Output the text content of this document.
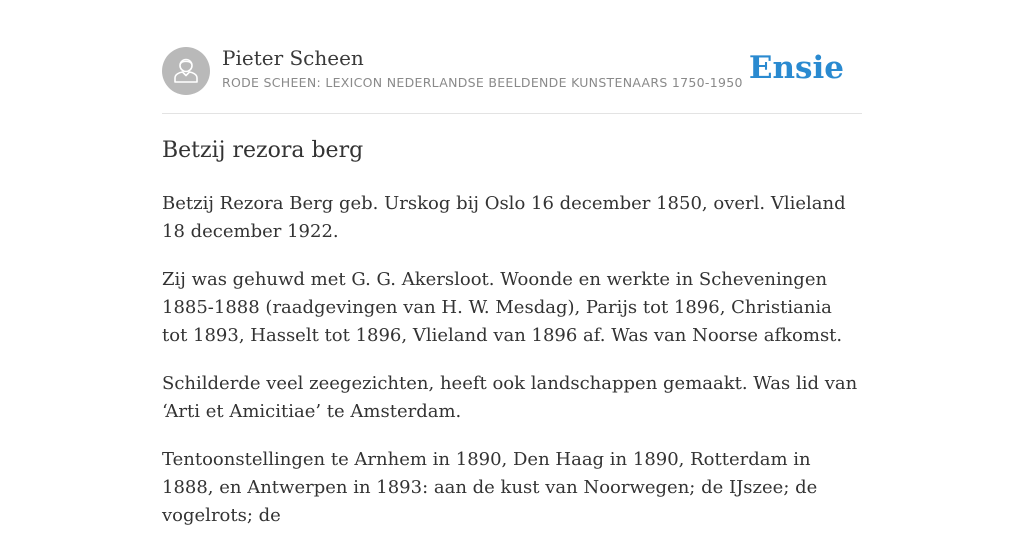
Pieter Scheen
RODE SCHEEN: LEXICON NEDERLANDSE BEELDENDE KUNSTENAARS 1750-1950 Ensie
Betzij rezora berg

Betzij Rezora Berg geb. Urskog bij Oslo 16 december 1850, overl. Vlieland 18 december 1922.

Zij was gehuwd met G. G. Akersloot. Woonde en werkte in Scheveningen 1885-1888 (raadgevingen van H. W. Mesdag), Parijs tot 1896, Christiania tot 1893, Hasselt tot 1896, Vlieland van 1896 af. Was van Noorse afkomst.

Schilderde veel zeegezichten, heeft ook landschappen gemaakt. Was lid van ‘Arti et Amicitiae’ te Amsterdam.

Tentoonstellingen te Arnhem in 1890, Den Haag in 1890, Rotterdam in 1888, en Antwerpen in 1893: aan de kust van Noorwegen; de IJszee; de vogelrots; de
